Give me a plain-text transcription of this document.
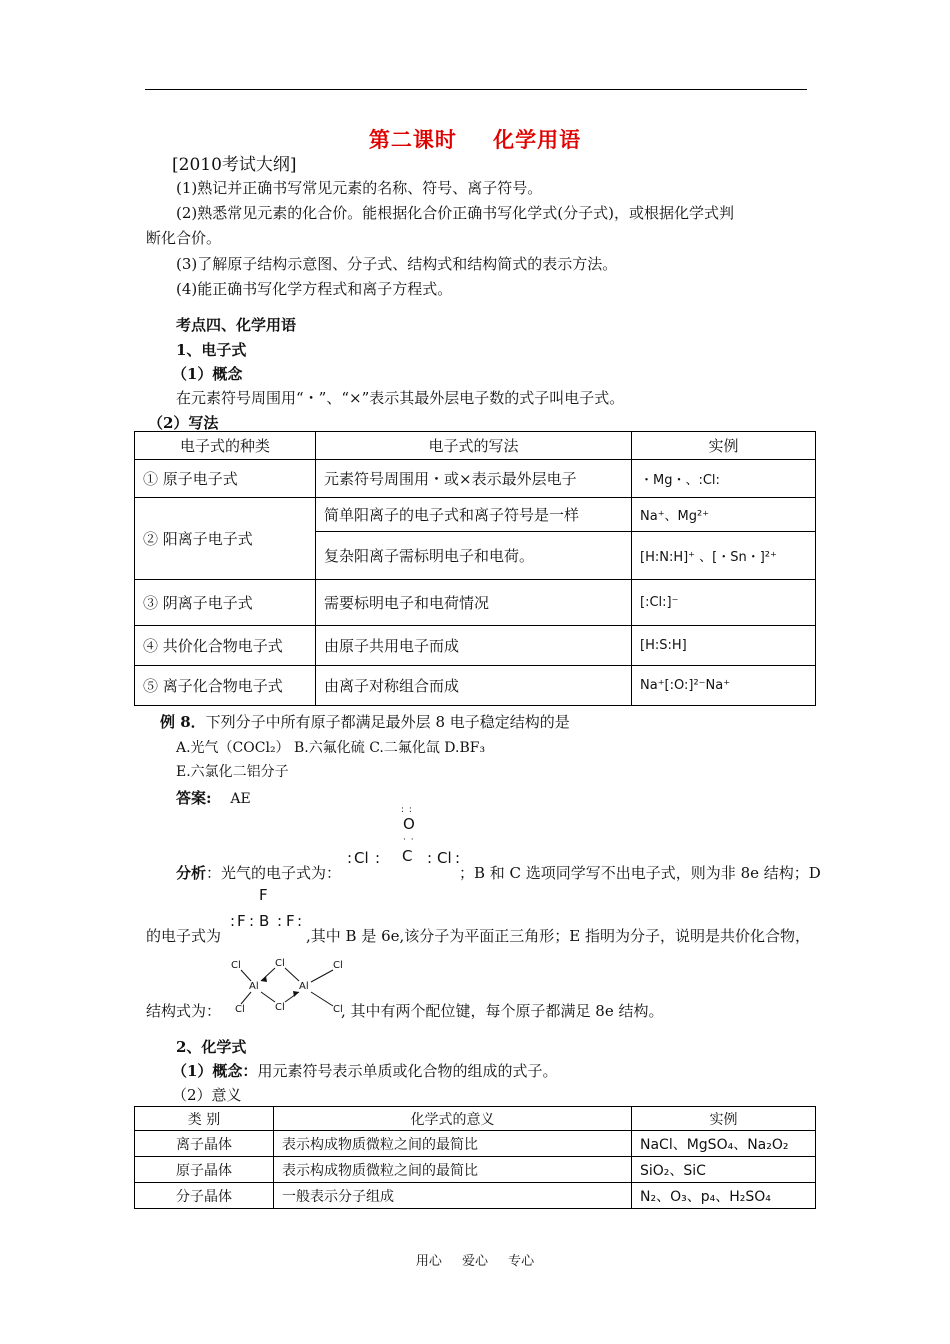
第二课时 化学用语
[2010考试大纲]
(1)熟记并正确书写常见元素的名称、符号、离子符号。
(2)熟悉常见元素的化合价。能根据化合价正确书写化学式(分子式)，或根据化学式判
断化合价。
(3)了解原子结构示意图、分子式、结构式和结构简式的表示方法。
(4)能正确书写化学方程式和离子方程式。
考点四、化学用语
1、电子式
（1）概念
在元素符号周围用“・”、“×”表示其最外层电子数的式子叫电子式。
（2）写法
电子式的种类	电子式的写法	实例
① 原子电子式	元素符号周围用・或×表示最外层电子	・Mg・、:Cl:
② 阳离子电子式	简单阳离子的电子式和离子符号是一样	Na⁺、Mg²⁺
	复杂阳离子需标明电子和电荷。	[H:N:H]⁺ 、[・Sn・]²⁺
③ 阴离子电子式	需要标明电子和电荷情况	[:Cl:]⁻
④ 共价化合物电子式	由原子共用电子而成	[H:S:H]
⑤ 离子化合物电子式	由离子对称组合而成	Na⁺[:O:]²⁻Na⁺
例 8．下列分子中所有原子都满足最外层 8 电子稳定结构的是
A.光气（COCl₂） B.六氟化硫 C.二氟化氙 D.BF₃
E.六氯化二铝分子
答案: AE
: :
O
· ·
C
Cl	Cl
: :	: :
分析：光气的电子式为：	；B 和 C 选项同学写不出电子式，则为非 8e 结构；D
F
B
F	F
: : : :
的电子式为	,其中 B 是 6e,该分子为平面正三角形；E 指明为分子，说明是共价化合物，
Cl	Cl
Al	Al
Cl
Cl	Cl	Cl
结构式为：	, 其中有两个配位键，每个原子都满足 8e 结构。
2、化学式
（1）概念：用元素符号表示单质或化合物的组成的式子。
（2）意义
类 别	化学式的意义	实例
离子晶体	表示构成物质微粒之间的最简比	NaCl、MgSO₄、Na₂O₂
原子晶体	表示构成物质微粒之间的最简比	SiO₂、SiC
分子晶体	一般表示分子组成	N₂、O₃、p₄、H₂SO₄
用心 爱心 专心
